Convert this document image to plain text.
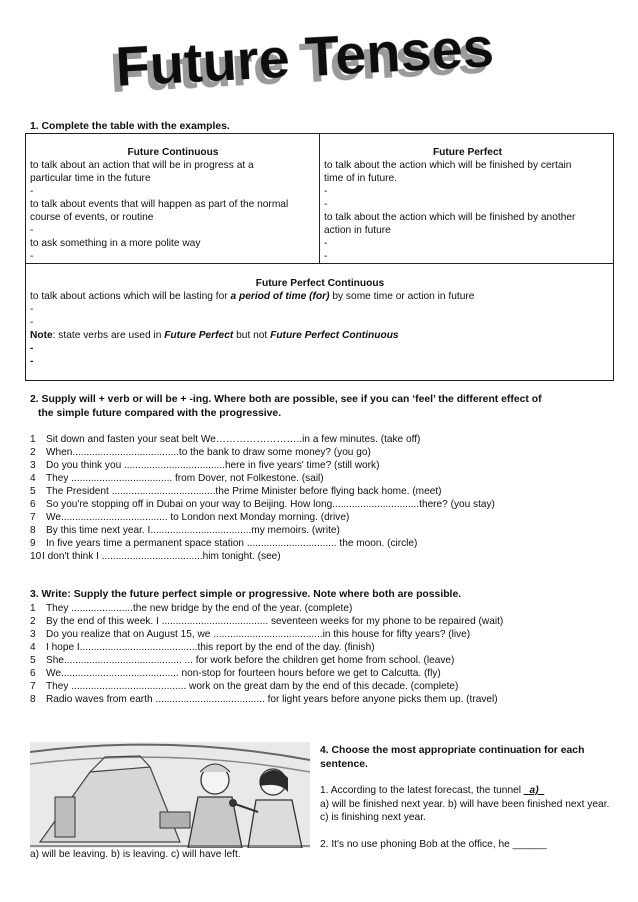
Future Tenses
1. Complete the table with the examples.
Future Continuous
to talk about an action that will be in progress at a
particular time in the future
-
to talk about events that will happen as part of the normal
course of events, or routine
-
to ask something in a more polite way
-
Future Perfect
to talk about the action which will be finished by certain
time of in future.
-
-
to talk about the action which will be finished by another
action in future
-
-
Future Perfect Continuous
to talk about actions which will be lasting for a period of time (for) by some time or action in future
-
-
Note: state verbs are used in Future Perfect but not Future Perfect Continuous
-
-
2. Supply will + verb or will be + -ing. Where both are possible, see if you can ‘feel’ the different effect of
the simple future compared with the progressive.
1 Sit down and fasten your seat belt We……………………..in a few minutes. (take off)
2 When......................................to the bank to draw some money? (you go)
3 Do you think you ....................................here in five years' time? (still work)
4 They .................................... from Dover, not Folkestone. (sail)
5 The President .....................................the Prime Minister before flying back home. (meet)
6 So you're stopping off in Dubai on your way to Beijing. How long...............................there? (you stay)
7 We...................................... to London next Monday morning. (drive)
8 By this time next year. I....................................my memoirs. (write)
9 In five years time a permanent space station ................................ the moon. (circle)
10I don't think I ....................................him tonight. (see)
3. Write: Supply the future perfect simple or progressive. Note where both are possible.
1 They ......................the new bridge by the end of the year. (complete)
2 By the end of this week. I ...................................... seventeen weeks for my phone to be repaired (wait)
3 Do you realize that on August 15, we .......................................in this house for fifty years? (live)
4 I hope I..........................................this report by the end of the day. (finish)
5 She.......................................... ... for work before the children get home from school. (leave)
6 We.......................................... non-stop for fourteen hours before we get to Calcutta. (fly)
7 They ......................................... work on the great dam by the end of this decade. (complete)
8 Radio waves from earth ....................................... for light years before anyone picks them up. (travel)
4. Choose the most appropriate continuation for each sentence.
1. According to the latest forecast, the tunnel _a)_
a) will be finished next year. b) will have been finished next year. c) is finishing next year.
2. It's no use phoning Bob at the office, he ______
a) will be leaving. b) is leaving. c) will have left.
